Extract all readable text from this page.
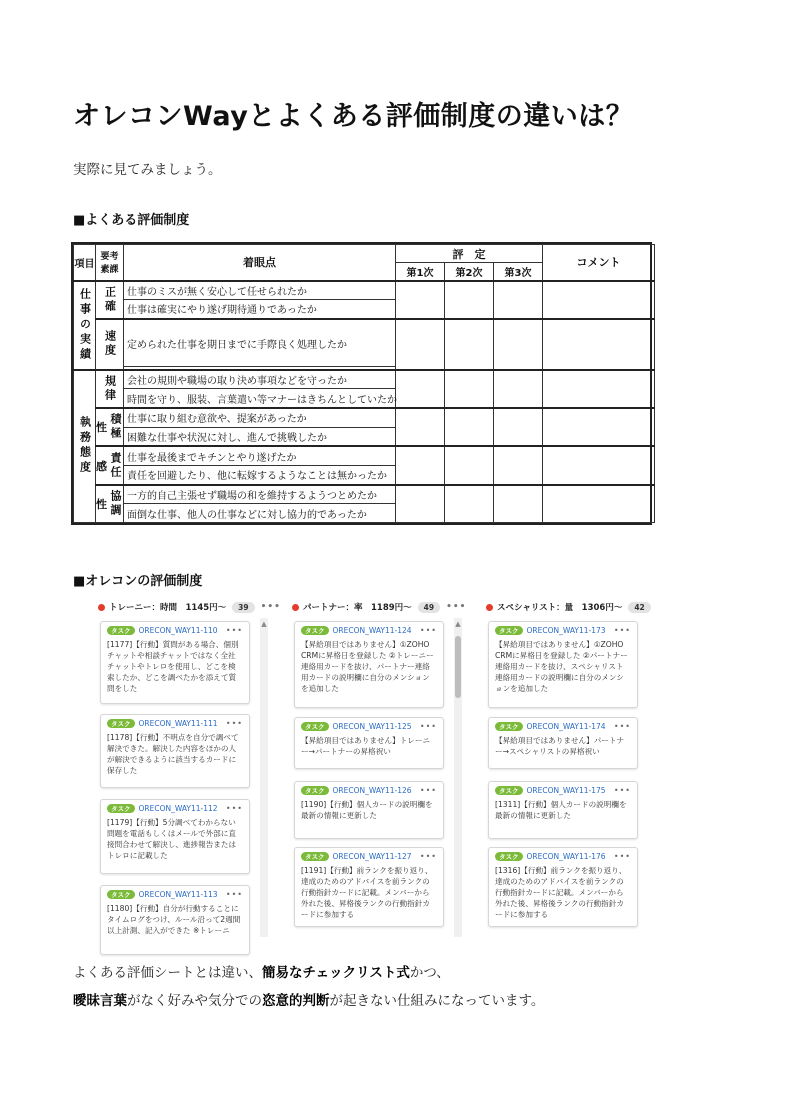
オレコンWayとよくある評価制度の違いは？
実際に見てみましょう。
■よくある評価制度
項目	要考素課	着眼点	評　定			コメント
			第1次	第2次	第3次	
仕事の実績	正確	仕事のミスが無く安心して任せられたか				
		仕事は確実にやり遂げ期待通りであったか				
	速度	定められた仕事を期日までに手際良く処理したか				

執務態度	規律	会社の規則や職場の取り決め事項などを守ったか				
		時間を守り、服装、言葉遣い等マナーはきちんとしていたか				

	性 積極	仕事に取り組む意欲や、提案があったか				
		困難な仕事や状況に対し、進んで挑戦したか				

	感 責任	仕事を最後までキチンとやり遂げたか				
		責任を回避したり、他に転嫁するようなことは無かったか				

	性 協調	一方的自己主張せず職場の和を維持するようつとめたか				
		面倒な仕事、他人の仕事などに対し協力的であったか				
■オレコンの評価制度
トレーニー：時間　1145円～	39	•••
タスク	ORECON_WAY11-110 •••
[1177]【行動】質問がある場合、個別チャットや相談チャットではなく全社チャットやトレロを使用し、どこを検索したか、どこを調べたかを添えて質問をした
タスク	ORECON_WAY11-111 •••
[1178]【行動】不明点を自分で調べて解決できた。解決した内容をほかの人が解決できるように該当するカードに保存した
タスク	ORECON_WAY11-112 •••
[1179]【行動】5分調べてわからない問題を電話もしくはメールで外部に直接問合わせて解決し、進捗報告またはトレロに記載した
タスク	ORECON_WAY11-113 •••
[1180]【行動】自分が行動することにタイムログをつけ、ルール沿って2週間以上計測、記入ができた ※トレーニ
▲
パートナー：率　1189円～	49	•••
タスク	ORECON_WAY11-124 •••
【昇給項目ではありません】①ZOHO CRMに昇格日を登録した ②トレーニー連絡用カードを抜け、パートナー連絡用カードの説明欄に自分のメンションを追加した
タスク	ORECON_WAY11-125 •••
【昇給項目ではありません】トレーニー→パートナーの昇格祝い
タスク	ORECON_WAY11-126 •••
[1190]【行動】個人カードの説明欄を最新の情報に更新した
タスク	ORECON_WAY11-127 •••
[1191]【行動】前ランクを振り返り、達成のためのアドバイスを前ランクの行動指針カードに記載。メンバーから外れた後、昇格後ランクの行動指針カードに参加する
▲
スペシャリスト：量　1306円～	42
タスク	ORECON_WAY11-173 •••
【昇給項目ではありません】①ZOHO CRMに昇格日を登録した ②パートナー連絡用カードを抜け、スペシャリスト連絡用カードの説明欄に自分のメンションを追加した
タスク	ORECON_WAY11-174 •••
【昇給項目ではありません】パートナー→スペシャリストの昇格祝い
タスク	ORECON_WAY11-175 •••
[1311]【行動】個人カードの説明欄を最新の情報に更新した
タスク	ORECON_WAY11-176 •••
[1316]【行動】前ランクを振り返り、達成のためのアドバイスを前ランクの行動指針カードに記載。メンバーから外れた後、昇格後ランクの行動指針カードに参加する
よくある評価シートとは違い、簡易なチェックリスト式かつ、
曖昧言葉がなく好みや気分での恣意的判断が起きない仕組みになっています。
